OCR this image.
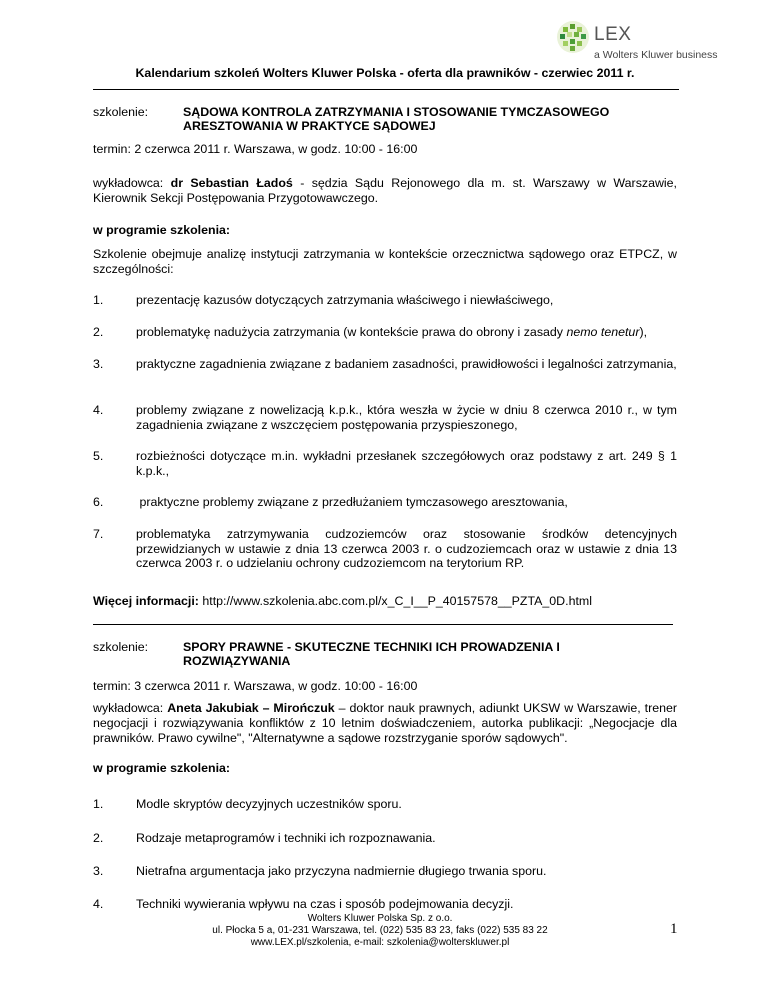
LEX
a Wolters Kluwer business
Kalendarium szkoleń Wolters Kluwer Polska - oferta dla prawników - czerwiec 2011 r.
szkolenie:	SĄDOWA KONTROLA ZATRZYMANIA I STOSOWANIE TYMCZASOWEGO
ARESZTOWANIA W PRAKTYCE SĄDOWEJ
termin: 2 czerwca 2011 r. Warszawa, w godz. 10:00 - 16:00
wykładowca: dr Sebastian Ładoś - sędzia Sądu Rejonowego dla m. st. Warszawy w Warszawie, Kierownik Sekcji Postępowania Przygotowawczego.
w programie szkolenia:
Szkolenie obejmuje analizę instytucji zatrzymania w kontekście orzecznictwa sądowego oraz ETPCZ, w szczególności:
1.	prezentację kazusów dotyczących zatrzymania właściwego i niewłaściwego,
2.	problematykę nadużycia zatrzymania (w kontekście prawa do obrony i zasady nemo tenetur),
3.	praktyczne zagadnienia związane z badaniem zasadności, prawidłowości i legalności zatrzymania,
4.	problemy związane z nowelizacją k.p.k., która weszła w życie w dniu 8 czerwca 2010 r., w tym zagadnienia związane z wszczęciem postępowania przyspieszonego,
5.	rozbieżności dotyczące m.in. wykładni przesłanek szczegółowych oraz podstawy z art. 249 § 1 k.p.k.,
6.	praktyczne problemy związane z przedłużaniem tymczasowego aresztowania,
7.	problematyka zatrzymywania cudzoziemców oraz stosowanie środków detencyjnych przewidzianych w ustawie z dnia 13 czerwca 2003 r. o cudzoziemcach oraz w ustawie z dnia 13 czerwca 2003 r. o udzielaniu ochrony cudzoziemcom na terytorium RP.
Więcej informacji: http://www.szkolenia.abc.com.pl/x_C_I__P_40157578__PZTA_0D.html
szkolenie:	SPORY PRAWNE - SKUTECZNE TECHNIKI ICH PROWADZENIA I
ROZWIĄZYWANIA
termin: 3 czerwca 2011 r. Warszawa, w godz. 10:00 - 16:00
wykładowca: Aneta Jakubiak – Mirończuk – doktor nauk prawnych, adiunkt UKSW w Warszawie, trener negocjacji i rozwiązywania konfliktów z 10 letnim doświadczeniem, autorka publikacji: „Negocjacje dla prawników. Prawo cywilne", "Alternatywne a sądowe rozstrzyganie sporów sądowych".
w programie szkolenia:
1.	Modle skryptów decyzyjnych uczestników sporu.
2.	Rodzaje metaprogramów i techniki ich rozpoznawania.
3.	Nietrafna argumentacja jako przyczyna nadmiernie długiego trwania sporu.
4.	Techniki wywierania wpływu na czas i sposób podejmowania decyzji.
Wolters Kluwer Polska Sp. z o.o.
ul. Płocka 5 a, 01-231 Warszawa, tel. (022) 535 83 23, faks (022) 535 83 22
www.LEX.pl/szkolenia, e-mail: szkolenia@wolterskluwer.pl
1
